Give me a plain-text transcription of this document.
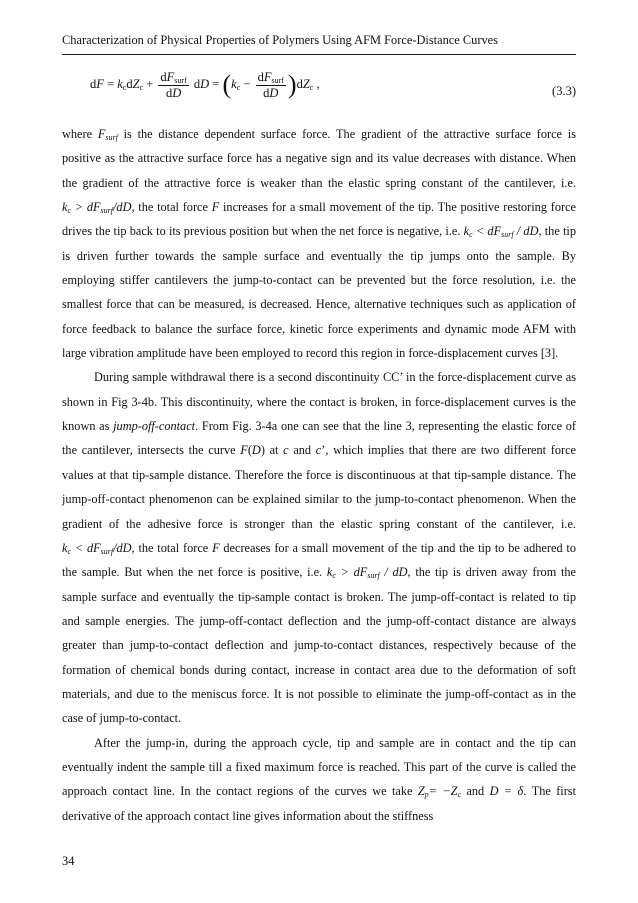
Characterization of Physical Properties of Polymers Using AFM Force-Distance Curves
dF = $k_cdZ_c + \frac{dF_{surf}}{dD}$ dD = $(k_c - \frac{dF_{surf}}{dD} )dZ_c$ ,	(3.3)

where $F_{surf}$ is the distance dependent surface force. The gradient of the attractive surface force is positive as the attractive surface force has a negative sign and its value decreases with distance. When the gradient of the attractive force is weaker than the elastic spring constant of the cantilever, i.e. $k_c > dF_{surf}/dD$, the total force F increases for a small movement of the tip. The positive restoring force drives the tip back to its previous position but when the net force is negative, i.e. $k_c < dF_{surf}$ / dD, the tip is driven further towards the sample surface and eventually the tip jumps onto the sample. By employing stiffer cantilevers the jump-to-contact can be prevented but the force resolution, i.e. the smallest force that can be measured, is decreased. Hence, alternative techniques such as application of force feedback to balance the surface force, kinetic force experiments and dynamic mode AFM with large vibration amplitude have been employed to record this region in force-displacement curves [3].

During sample withdrawal there is a second discontinuity CC’ in the force-displacement curve as shown in Fig 3-4b. This discontinuity, where the contact is broken, in force-displacement curves is the known as jump-off-contact. From Fig. 3-4a one can see that the line 3, representing the elastic force of the cantilever, intersects the curve F(D) at c and c’, which implies that there are two different force values at that tip-sample distance. Therefore the force is discontinuous at that tip-sample distance. The jump-off-contact phenomenon can be explained similar to the jump-to-contact phenomenon. When the gradient of the adhesive force is stronger than the elastic spring constant of the cantilever, i.e. $k_c < dF_{surf}/dD$, the total force F decreases for a small movement of the tip and the tip to be adhered to the sample. But when the net force is positive, i.e. $k_c > dF_{surf}$ / dD, the tip is driven away from the sample surface and eventually the tip-sample contact is broken. The jump-off-contact is related to tip and sample energies. The jump-off-contact deflection and the jump-off-contact distance are always greater than jump-to-contact deflection and jump-to-contact distances, respectively because of the formation of chemical bonds during contact, increase in contact area due to the deformation of soft materials, and due to the meniscus force. It is not possible to eliminate the jump-off-contact as in the case of jump-to-contact.

After the jump-in, during the approach cycle, tip and sample are in contact and the tip can eventually indent the sample till a fixed maximum force is reached. This part of the curve is called the approach contact line. In the contact regions of the curves we take $Z_p= -Z_c$ and D = δ. The first derivative of the approach contact line gives information about the stiffness

34
